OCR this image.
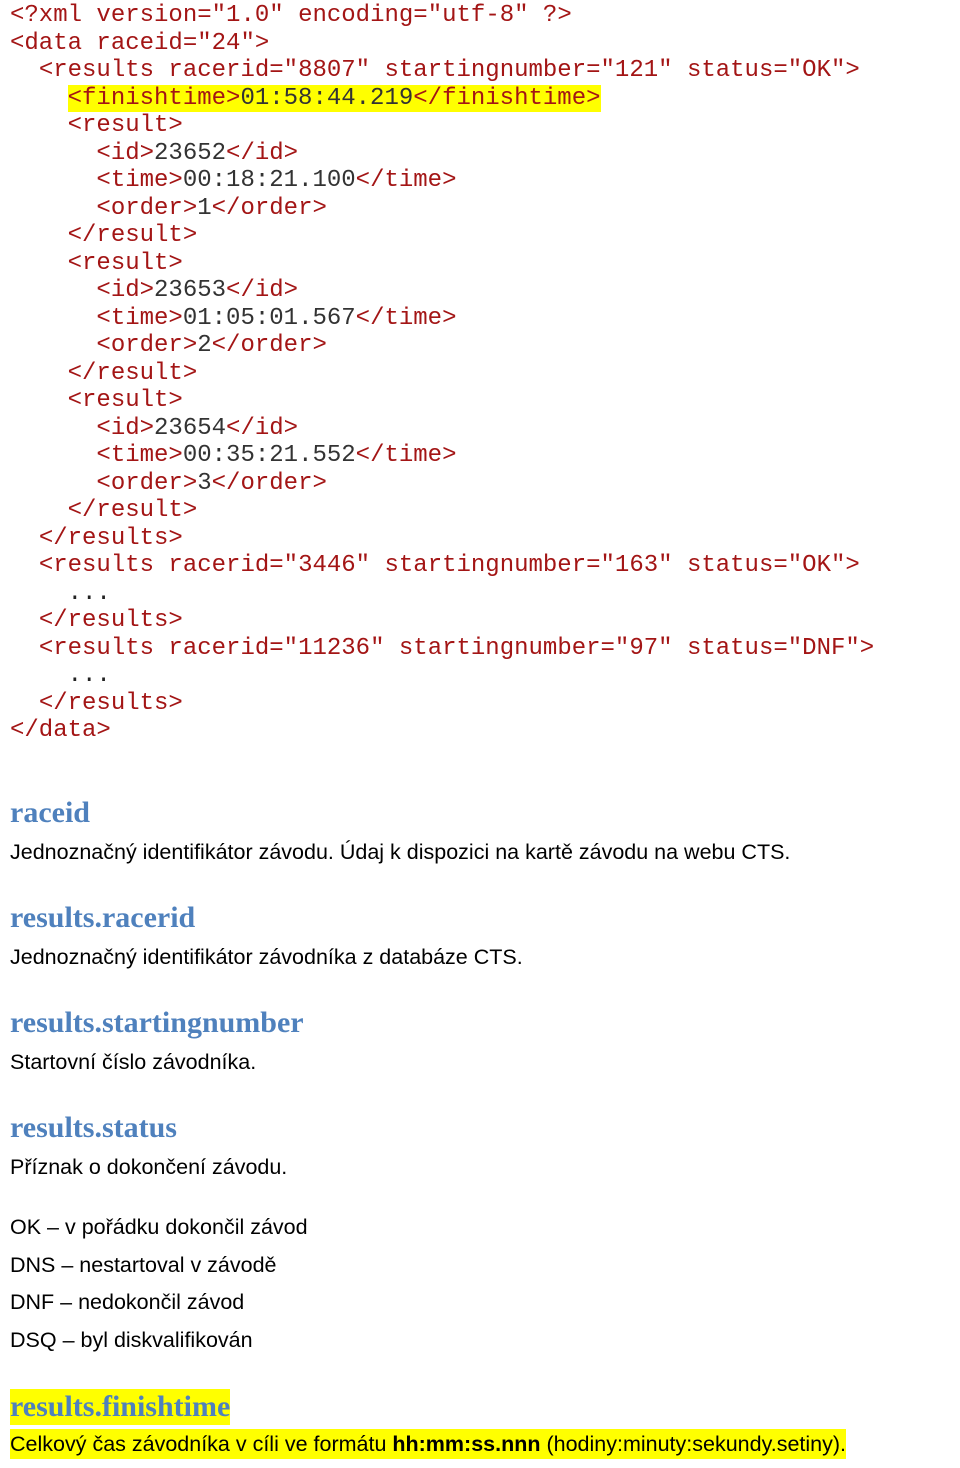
<?xml version="1.0" encoding="utf-8" ?>
<data raceid="24">
<results racerid="8807" startingnumber="121" status="OK">
<finishtime>01:58:44.219</finishtime>
<result>
<id>23652</id>
<time>00:18:21.100</time>
<order>1</order>
</result>
<result>
<id>23653</id>
<time>01:05:01.567</time>
<order>2</order>
</result>
<result>
<id>23654</id>
<time>00:35:21.552</time>
<order>3</order>
</result>
</results>
<results racerid="3446" startingnumber="163" status="OK">
...
</results>
<results racerid="11236" startingnumber="97" status="DNF">
...
</results>
</data>
raceid
Jednoznačný identifikátor závodu. Údaj k dispozici na kartě závodu na webu CTS.
results.racerid
Jednoznačný identifikátor závodníka z databáze CTS.
results.startingnumber
Startovní číslo závodníka.
results.status
Příznak o dokončení závodu.
OK – v pořádku dokončil závod
DNS – nestartoval v závodě
DNF – nedokončil závod
DSQ – byl diskvalifikován
results.finishtime
Celkový čas závodníka v cíli ve formátu hh:mm:ss.nnn (hodiny:minuty:sekundy.setiny).
